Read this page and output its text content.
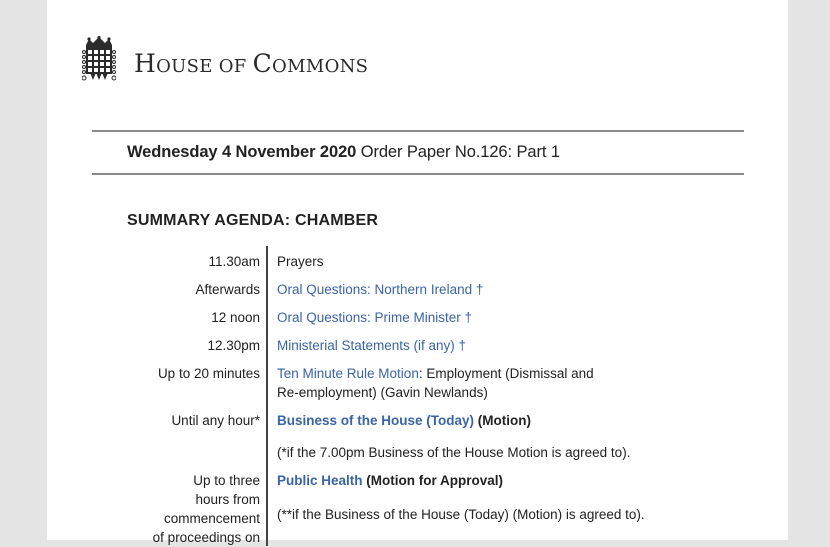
HOUSE OF COMMONS
Wednesday 4 November 2020 Order Paper No.126: Part 1
SUMMARY AGENDA: CHAMBER
11.30am Prayers
Afterwards Oral Questions: Northern Ireland †
12 noon Oral Questions: Prime Minister †
12.30pm Ministerial Statements (if any) †
Up to 20 minutes Ten Minute Rule Motion: Employment (Dismissal and
Re-employment) (Gavin Newlands)
Until any hour* Business of the House (Today) (Motion)
(*if the 7.00pm Business of the House Motion is agreed to).
Up to three
hours from
commencement
of proceedings on
Public Health (Motion for Approval)
(**if the Business of the House (Today) (Motion) is agreed to).
